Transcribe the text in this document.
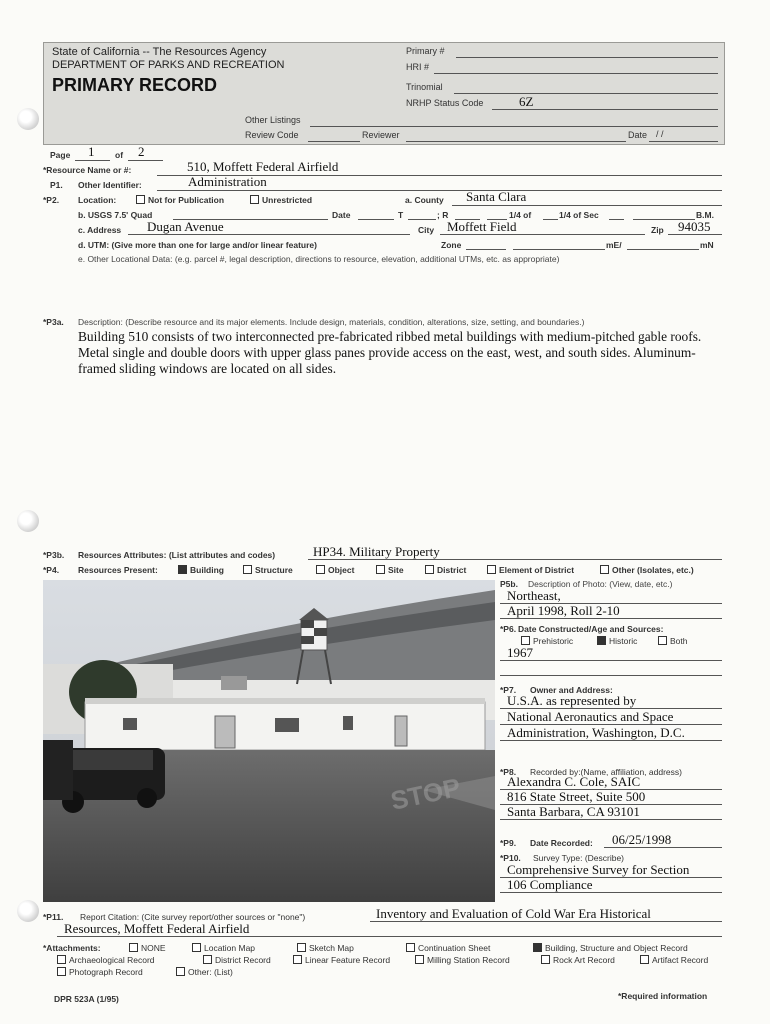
State of California -- The Resources Agency
DEPARTMENT OF PARKS AND RECREATION
PRIMARY RECORD
Primary #
HRI #
Trinomial
NRHP Status Code	6Z
Other Listings
Review Code	Reviewer	Date / /
Page 1 of 2
*Resource Name or #:	510, Moffett Federal Airfield
P1. Other Identifier:	Administration
*P2. Location:	Not for Publication	Unrestricted	a. County Santa Clara
b. USGS 7.5' Quad	Date	T	; R	1/4 of	1/4 of Sec	B.M.
c. Address Dugan Avenue	City Moffett Field	Zip 94035
d. UTM: (Give more than one for large and/or linear feature)	Zone	mE/	mN
e. Other Locational Data: (e.g. parcel #, legal description, directions to resource, elevation, additional UTMs, etc. as appropriate)
*P3a. Description: (Describe resource and its major elements. Include design, materials, condition, alterations, size, setting, and boundaries.)
Building 510 consists of two interconnected pre-fabricated ribbed metal buildings with medium-pitched gable roofs. Metal single and double doors with upper glass panes provide access on the east, west, and south sides. Aluminum- framed sliding windows are located on all sides.
*P3b. Resources Attributes: (List attributes and codes)	HP34. Military Property
*P4. Resources Present:	Building	Structure	Object	Site	District	Element of District	Other (Isolates, etc.)
STOP
P5b. Description of Photo: (View, date, etc.)
Northeast,
April 1998, Roll 2-10
*P6. Date Constructed/Age and Sources:
Prehistoric	Historic	Both
1967
*P7. Owner and Address:
U.S.A. as represented by
National Aeronautics and Space
Administration, Washington, D.C.
*P8. Recorded by:(Name, affiliation, address)
Alexandra C. Cole, SAIC
816 State Street, Suite 500
Santa Barbara, CA 93101
*P9. Date Recorded: 06/25/1998
*P10. Survey Type: (Describe)
Comprehensive Survey for Section
106 Compliance
*P11. Report Citation: (Cite survey report/other sources or "none")	Inventory and Evaluation of Cold War Era Historical
Resources, Moffett Federal Airfield
*Attachments:	NONE	Location Map	Sketch Map	Continuation Sheet	Building, Structure and Object Record
Archaeological Record	District Record	Linear Feature Record	Milling Station Record	Rock Art Record	Artifact Record
Photograph Record	Other: (List)
DPR 523A (1/95)	*Required information
